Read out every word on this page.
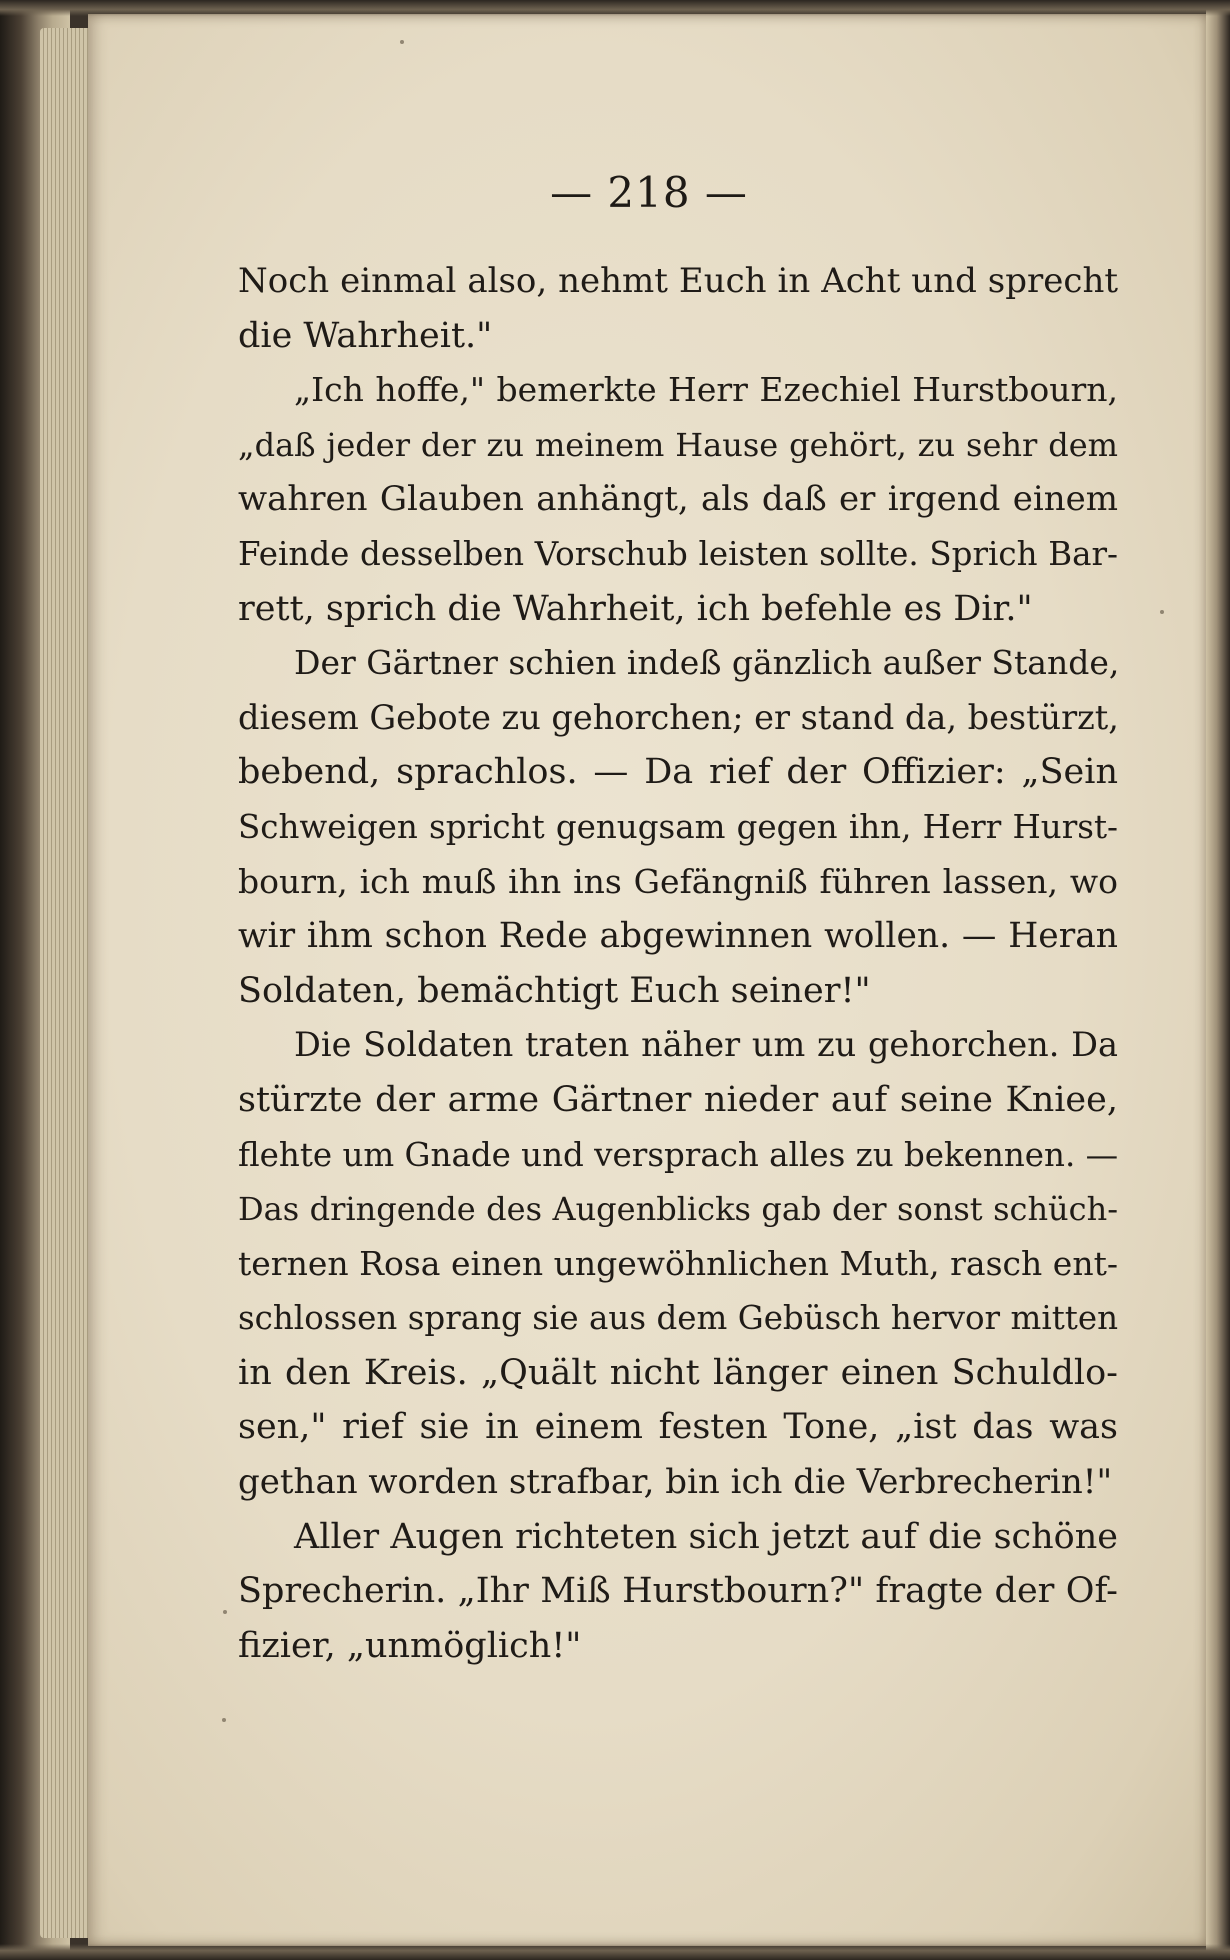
— 218 —
Noch einmal also, nehmt Euch in Acht und sprecht
die Wahrheit."
„Ich hoffe," bemerkte Herr Ezechiel Hurstbourn,
„daß jeder der zu meinem Hause gehört, zu sehr dem
wahren Glauben anhängt, als daß er irgend einem
Feinde desselben Vorschub leisten sollte. Sprich Bar-
rett, sprich die Wahrheit, ich befehle es Dir."
Der Gärtner schien indeß gänzlich außer Stande,
diesem Gebote zu gehorchen; er stand da, bestürzt,
bebend, sprachlos. — Da rief der Offizier: „Sein
Schweigen spricht genugsam gegen ihn, Herr Hurst-
bourn, ich muß ihn ins Gefängniß führen lassen, wo
wir ihm schon Rede abgewinnen wollen. — Heran
Soldaten, bemächtigt Euch seiner!"
Die Soldaten traten näher um zu gehorchen. Da
stürzte der arme Gärtner nieder auf seine Kniee,
flehte um Gnade und versprach alles zu bekennen. —
Das dringende des Augenblicks gab der sonst schüch-
ternen Rosa einen ungewöhnlichen Muth, rasch ent-
schlossen sprang sie aus dem Gebüsch hervor mitten
in den Kreis. „Quält nicht länger einen Schuldlo-
sen," rief sie in einem festen Tone, „ist das was
gethan worden strafbar, bin ich die Verbrecherin!"
Aller Augen richteten sich jetzt auf die schöne
Sprecherin. „Ihr Miß Hurstbourn?" fragte der Of-
fizier, „unmöglich!"
